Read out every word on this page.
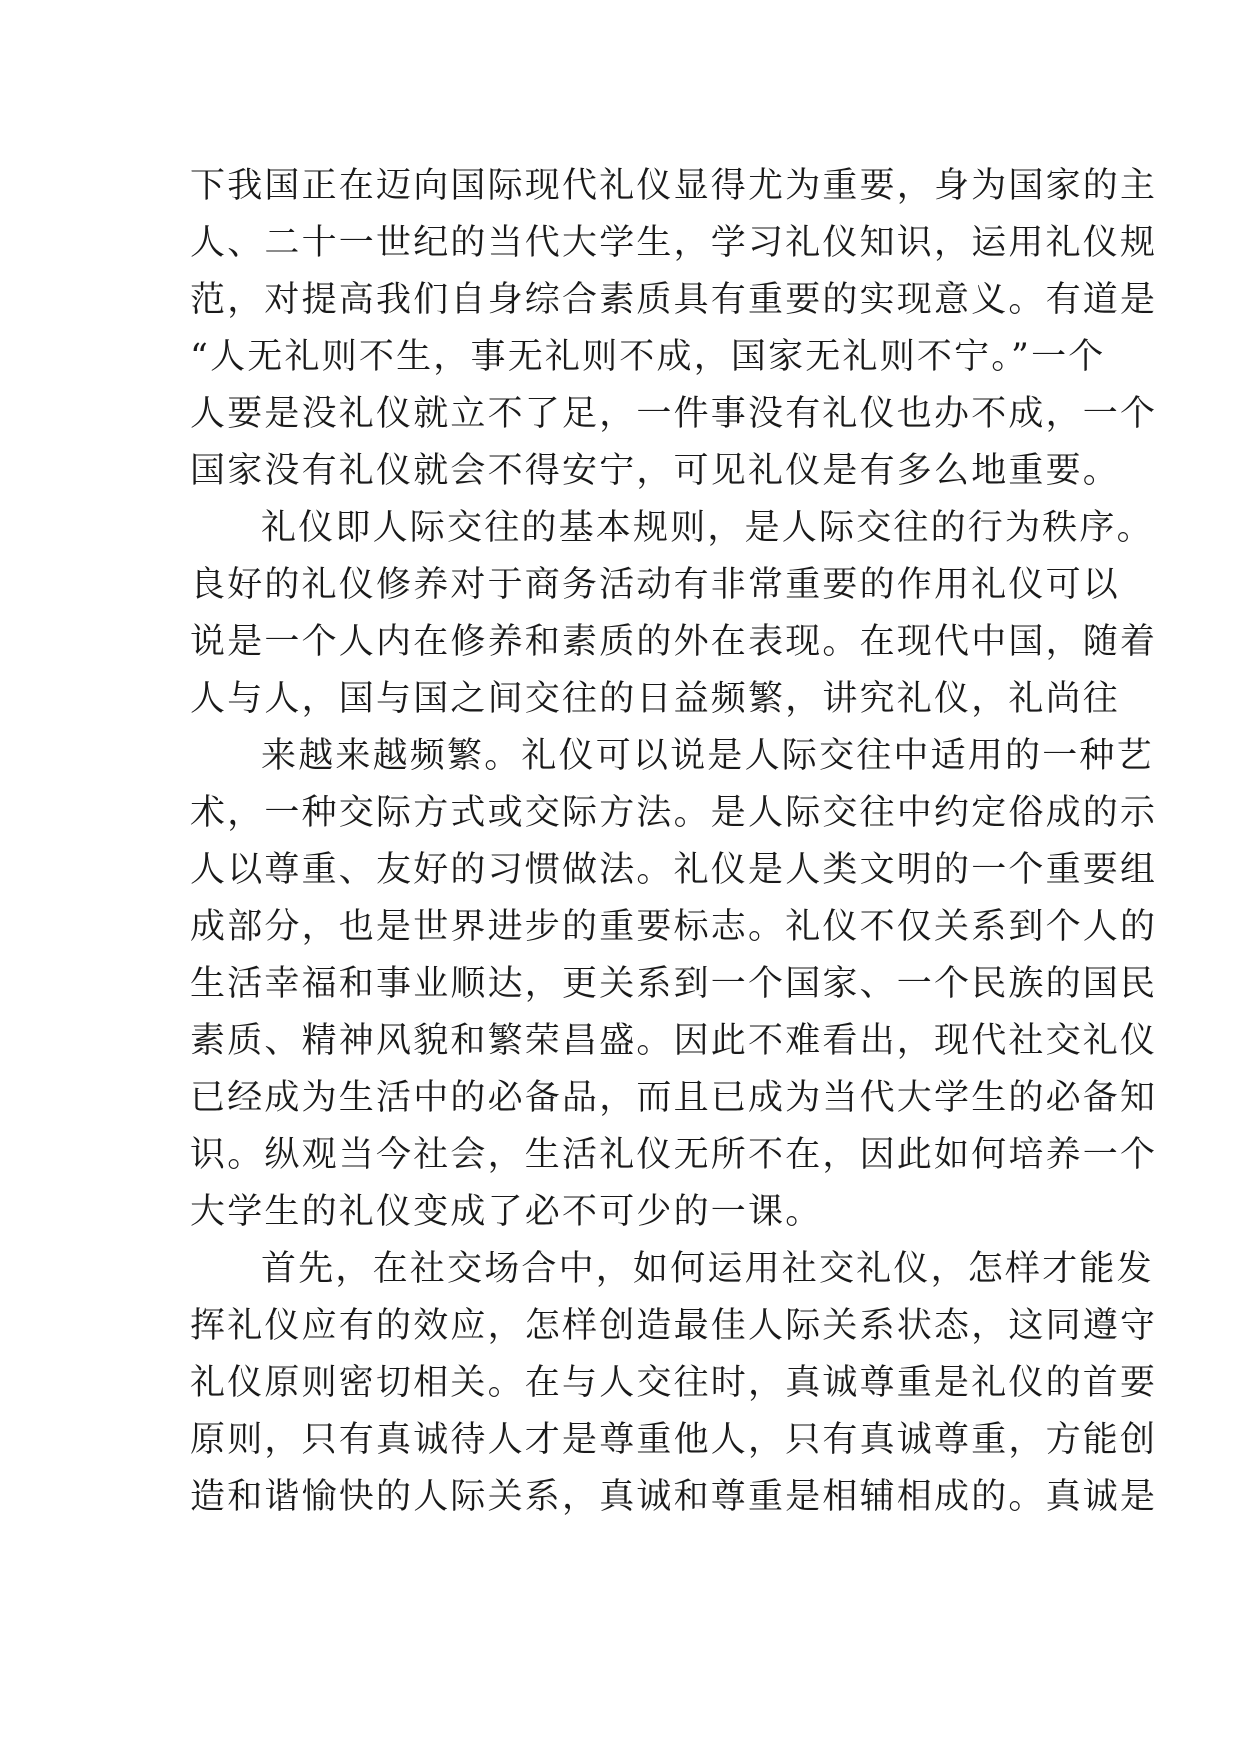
下我国正在迈向国际现代礼仪显得尤为重要，身为国家的主
人、二十一世纪的当代大学生，学习礼仪知识，运用礼仪规
范，对提高我们自身综合素质具有重要的实现意义。有道是
“人无礼则不生，事无礼则不成，国家无礼则不宁。”一个
人要是没礼仪就立不了足，一件事没有礼仪也办不成，一个
国家没有礼仪就会不得安宁，可见礼仪是有多么地重要。
礼仪即人际交往的基本规则，是人际交往的行为秩序。
良好的礼仪修养对于商务活动有非常重要的作用礼仪可以
说是一个人内在修养和素质的外在表现。在现代中国，随着
人与人，国与国之间交往的日益频繁，讲究礼仪，礼尚往
来越来越频繁。礼仪可以说是人际交往中适用的一种艺
术，一种交际方式或交际方法。是人际交往中约定俗成的示
人以尊重、友好的习惯做法。礼仪是人类文明的一个重要组
成部分，也是世界进步的重要标志。礼仪不仅关系到个人的
生活幸福和事业顺达，更关系到一个国家、一个民族的国民
素质、精神风貌和繁荣昌盛。因此不难看出，现代社交礼仪
已经成为生活中的必备品，而且已成为当代大学生的必备知
识。纵观当今社会，生活礼仪无所不在，因此如何培养一个
大学生的礼仪变成了必不可少的一课。
首先，在社交场合中，如何运用社交礼仪，怎样才能发
挥礼仪应有的效应，怎样创造最佳人际关系状态，这同遵守
礼仪原则密切相关。在与人交往时，真诚尊重是礼仪的首要
原则，只有真诚待人才是尊重他人，只有真诚尊重，方能创
造和谐愉快的人际关系，真诚和尊重是相辅相成的。真诚是
